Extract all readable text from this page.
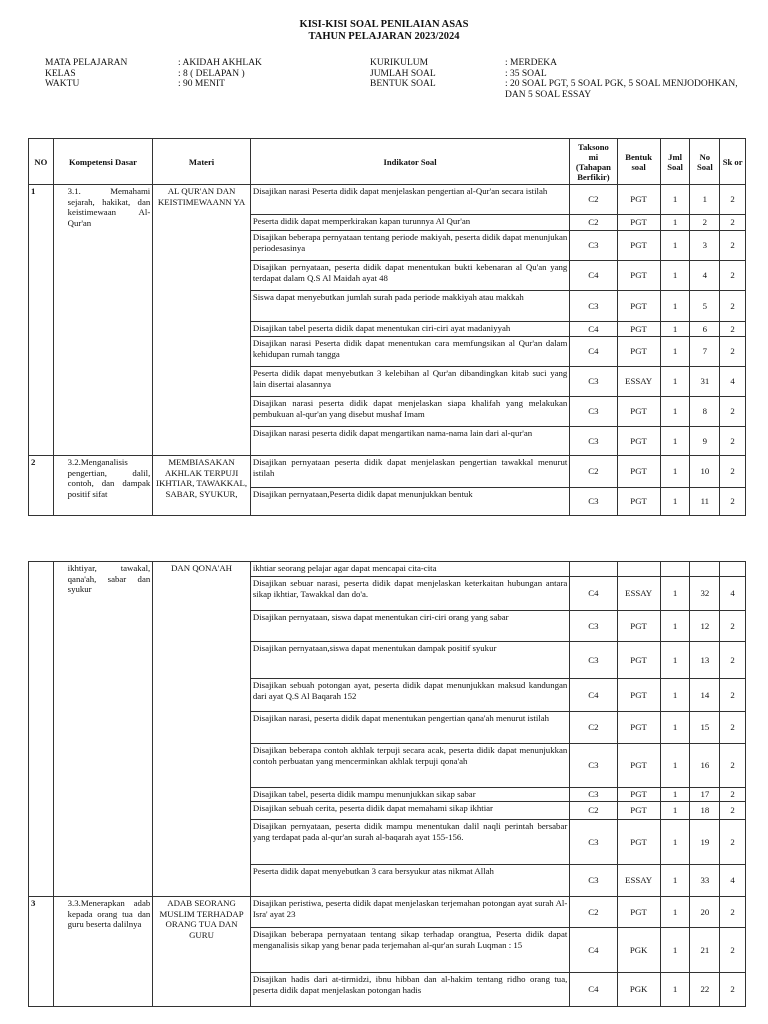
KISI-KISI SOAL PENILAIAN ASAS
TAHUN PELAJARAN 2023/2024
MATA PELAJARAN	: AKIDAH AKHLAK
KELAS	: 8 ( DELAPAN )
WAKTU	: 90 MENIT
KURIKULUM	: MERDEKA
JUMLAH SOAL	: 35 SOAL
BENTUK SOAL	: 20 SOAL PGT, 5 SOAL PGK, 5 SOAL MENJODOHKAN,
DAN 5 SOAL ESSAY
NO	Kompetensi Dasar	Materi	Indikator Soal	Taksono mi (Tahapan Berfikir)	Bentuk soal	Jml Soal	No Soal	Sk or
1	3.1. Memahami sejarah, hakikat, dan keistimewaan Al-Qur'an	AL QUR'AN DAN KEISTIMEWAANN YA	Disajikan narasi Peserta didik dapat menjelaskan pengertian al-Qur'an secara istilah	C2	PGT	1	1	2
			Peserta didik dapat memperkirakan kapan turunnya Al Qur'an	C2	PGT	1	2	2
			Disajikan beberapa pernyataan tentang periode makiyah, peserta didik dapat menunjukan periodesasinya	C3	PGT	1	3	2
			Disajikan pernyataan, peserta didik dapat menentukan bukti kebenaran al Qu'an yang terdapat dalam Q.S Al Maidah ayat 48	C4	PGT	1	4	2
			Siswa dapat menyebutkan jumlah surah pada periode makkiyah atau makkah	C3	PGT	1	5	2
			Disajikan tabel peserta didik dapat menentukan ciri-ciri ayat madaniyyah	C4	PGT	1	6	2
			Disajikan narasi Peserta didik dapat menentukan cara memfungsikan al Qur'an dalam kehidupan rumah tangga	C4	PGT	1	7	2
			Peserta didik dapat menyebutkan 3 kelebihan al Qur'an dibandingkan kitab suci yang lain disertai alasannya	C3	ESSAY	1	31	4
			Disajikan narasi peserta didik dapat menjelaskan siapa khalifah yang melakukan pembukuan al-qur'an yang disebut mushaf Imam	C3	PGT	1	8	2
			Disajikan narasi peserta didik dapat mengartikan nama-nama lain dari al-qur'an	C3	PGT	1	9	2
2	3.2.Menganalisis pengertian, dalil, contoh, dan dampak positif sifat	MEMBIASAKAN AKHLAK TERPUJI IKHTIAR, TAWAKKAL, SABAR, SYUKUR,	Disajikan pernyataan peserta didik dapat menjelaskan pengertian tawakkal menurut istilah	C2	PGT	1	10	2
			Disajikan pernyataan,Peserta didik dapat menunjukkan bentuk	C3	PGT	1	11	2
	ikhtiyar, tawakal, qana'ah, sabar dan syukur	DAN QONA'AH	ikhtiar seorang pelajar agar dapat mencapai cita-cita					
			Disajikan sebuar narasi, peserta didik dapat menjelaskan keterkaitan hubungan antara sikap ikhtiar, Tawakkal dan do'a.	C4	ESSAY	1	32	4
			Disajikan pernyataan, siswa dapat menentukan ciri-ciri orang yang sabar	C3	PGT	1	12	2
			Disajikan pernyataan,siswa dapat menentukan dampak positif syukur	C3	PGT	1	13	2
			Disajikan sebuah potongan ayat, peserta didik dapat menunjukkan maksud kandungan dari ayat Q.S Al Baqarah 152	C4	PGT	1	14	2
			Disajikan narasi, peserta didik dapat menentukan pengertian qana'ah menurut istilah	C2	PGT	1	15	2
			Disajikan beberapa contoh akhlak terpuji secara acak, peserta didik dapat menunjukkan contoh perbuatan yang mencerminkan akhlak terpuji qona'ah	C3	PGT	1	16	2
			Disajikan tabel, peserta didik mampu menunjukkan sikap sabar	C3	PGT	1	17	2
			Disajikan sebuah cerita, peserta didik dapat memahami sikap ikhtiar	C2	PGT	1	18	2
			Disajikan pernyataan, peserta didik mampu menentukan dalil naqli perintah bersabar yang terdapat pada al-qur'an surah al-baqarah ayat 155-156.	C3	PGT	1	19	2
			Peserta didik dapat menyebutkan 3 cara bersyukur atas nikmat Allah	C3	ESSAY	1	33	4
3	3.3.Menerapkan adab kepada orang tua dan guru beserta dalilnya	ADAB SEORANG MUSLIM TERHADAP ORANG TUA DAN GURU	Disajikan peristiwa, peserta didik dapat menjelaskan terjemahan potongan ayat surah Al-Isra' ayat 23	C2	PGT	1	20	2
			Disajikan beberapa pernyataan tentang sikap terhadap orangtua, Peserta didik dapat menganalisis sikap yang benar pada terjemahan al-qur'an surah Luqman : 15	C4	PGK	1	21	2
			Disajikan hadis dari at-tirmidzi, ibnu hibban dan al-hakim tentang ridho orang tua, peserta didik dapat menjelaskan potongan hadis	C4	PGK	1	22	2
